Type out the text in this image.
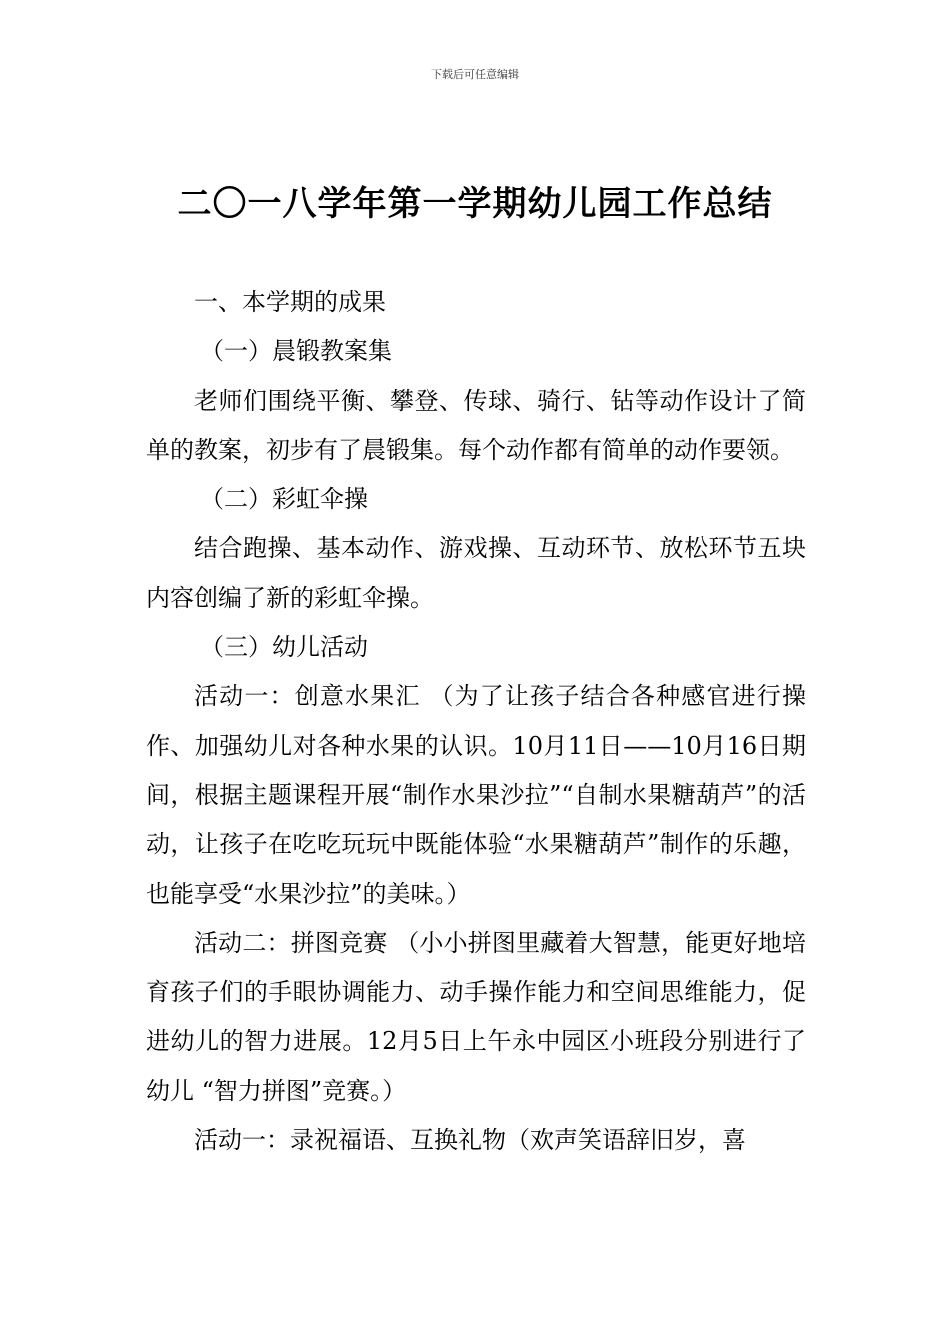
下载后可任意编辑
二〇一八学年第一学期幼儿园工作总结

一、本学期的成果

（一）晨锻教案集

老师们围绕平衡、攀登、传球、骑行、钻等动作设计了简单的教案，初步有了晨锻集。每个动作都有简单的动作要领。

（二）彩虹伞操

结合跑操、基本动作、游戏操、互动环节、放松环节五块内容创编了新的彩虹伞操。

（三）幼儿活动

活动一：创意水果汇 （为了让孩子结合各种感官进行操作、加强幼儿对各种水果的认识。10月11日——10月16日期间，根据主题课程开展“制作水果沙拉”“自制水果糖葫芦”的活动，让孩子在吃吃玩玩中既能体验“水果糖葫芦”制作的乐趣，也能享受“水果沙拉”的美味。）

活动二：拼图竞赛 （小小拼图里藏着大智慧，能更好地培育孩子们的手眼协调能力、动手操作能力和空间思维能力，促进幼儿的智力进展。12月5日上午永中园区小班段分别进行了幼儿 “智力拼图”竞赛。）

活动一：录祝福语、互换礼物（欢声笑语辞旧岁，喜
